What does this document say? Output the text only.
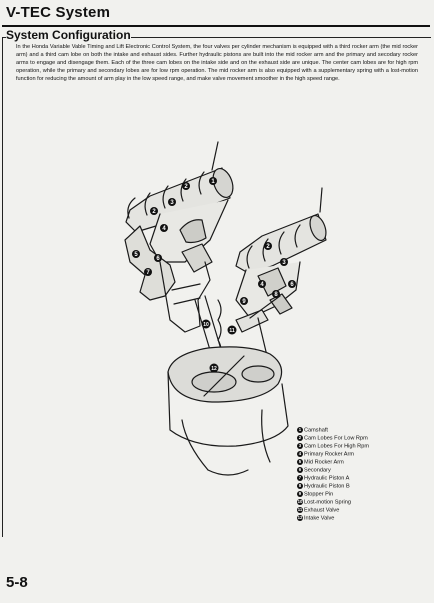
V-TEC System
System Configuration

In the Honda Variable Vable Timing and Lift Electronic Control System, the four valves per cylinder mechanism is equipped with a third rocker arm (the mid rocker arm) and a third cam lobe on both the intake and exhaust sides. Further hydraulic pistons are built into the mid rocker arm and the primary and secodary rocker arms to engage and disengage them. Each of the three cam lobes on the intake side and on the exhaust side are unique. The center cam lobes are for high rpm operation, while the primary and secondary lobes are for low rpm operation. The mid rocker arm is also equipped with a supplementary spring with a lost-motion function for reducing the amount of arm play in the low speed range, and make valve movement smoother in the high speed range.

1
2
3
2
4
5
6
7
2
3
4
8
6
9
10
11
12
1 Camshaft
2 Cam Lobes For Low Rpm
3 Cam Lobes For High Rpm
4 Primary Rocker Arm
5 Mid Rocker Arm
6 Secondary
7 Hydraulic Piston A
8 Hydraulic Piston B
9 Stopper Pin
10 Lost-motion Spring
11 Exhaust Valve
12 Intake Valve
5-8
